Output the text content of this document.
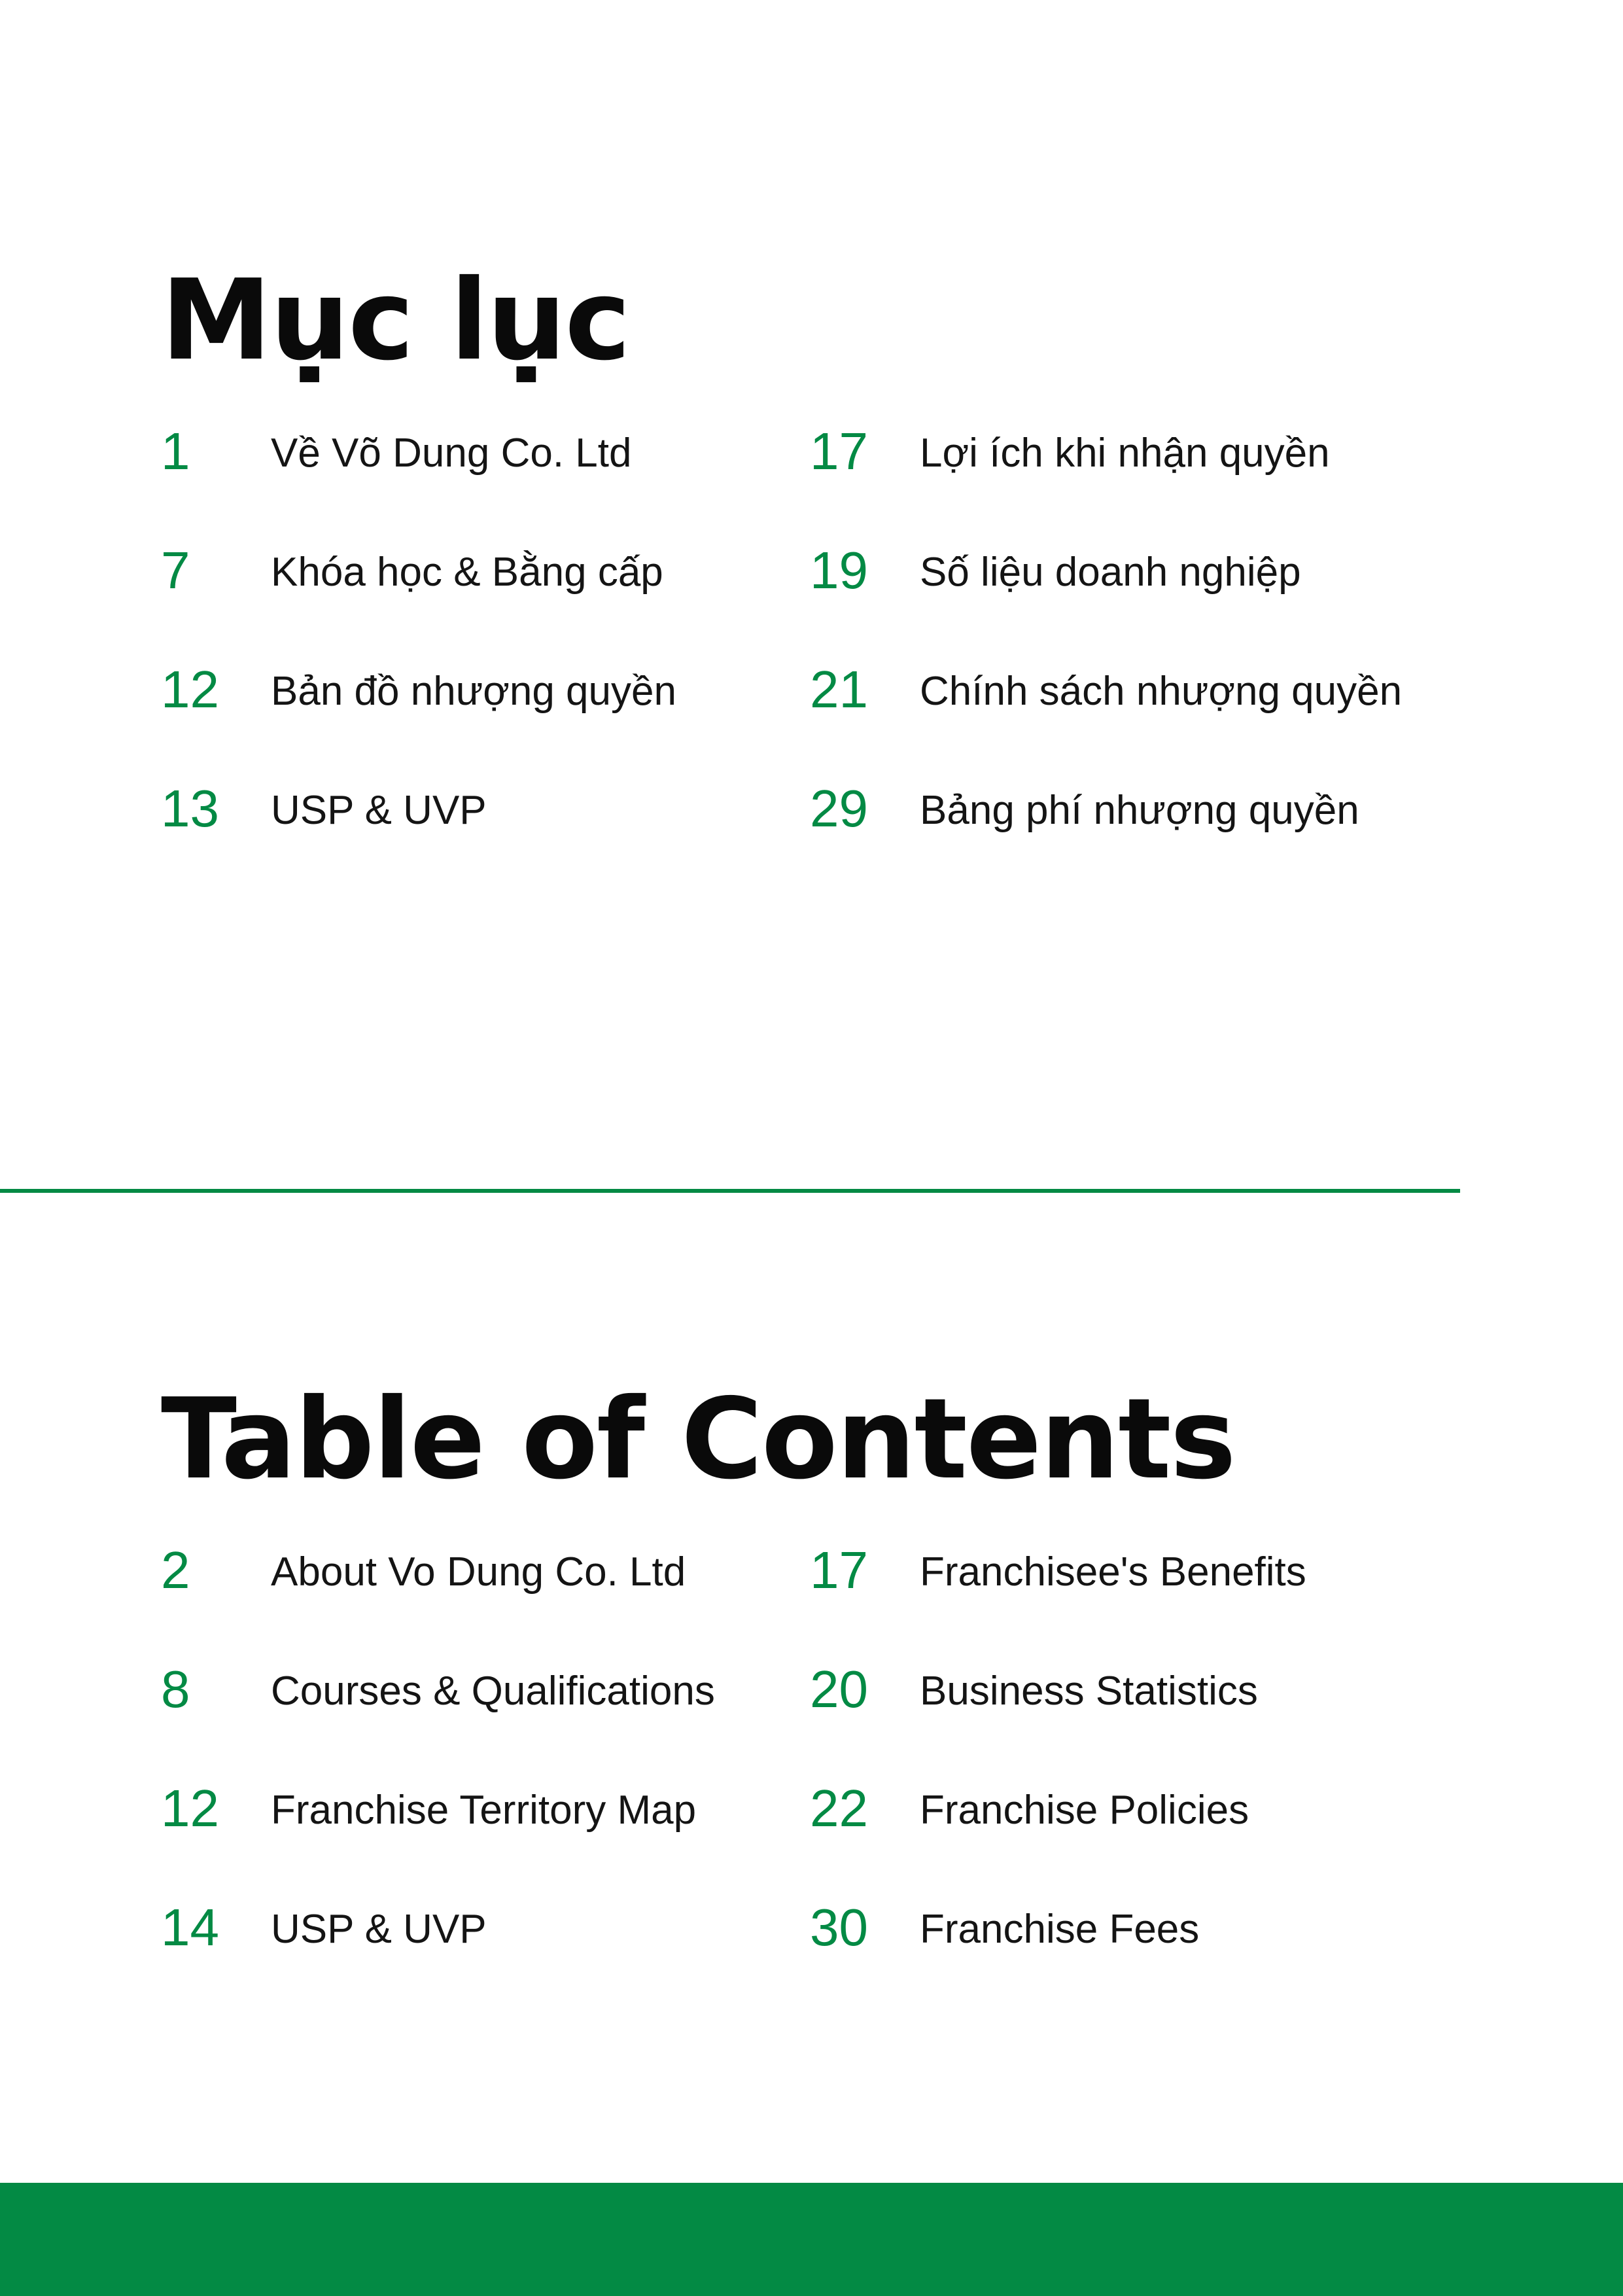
Mục lục
1 Về Võ Dung Co. Ltd
7 Khóa học & Bằng cấp
12 Bản đồ nhượng quyền
13 USP & UVP
17 Lợi ích khi nhận quyền
19 Số liệu doanh nghiệp
21 Chính sách nhượng quyền
29 Bảng phí nhượng quyền
Table of Contents
2 About Vo Dung Co. Ltd
8 Courses & Qualifications
12 Franchise Territory Map
14 USP & UVP
17 Franchisee's Benefits
20 Business Statistics
22 Franchise Policies
30 Franchise Fees
